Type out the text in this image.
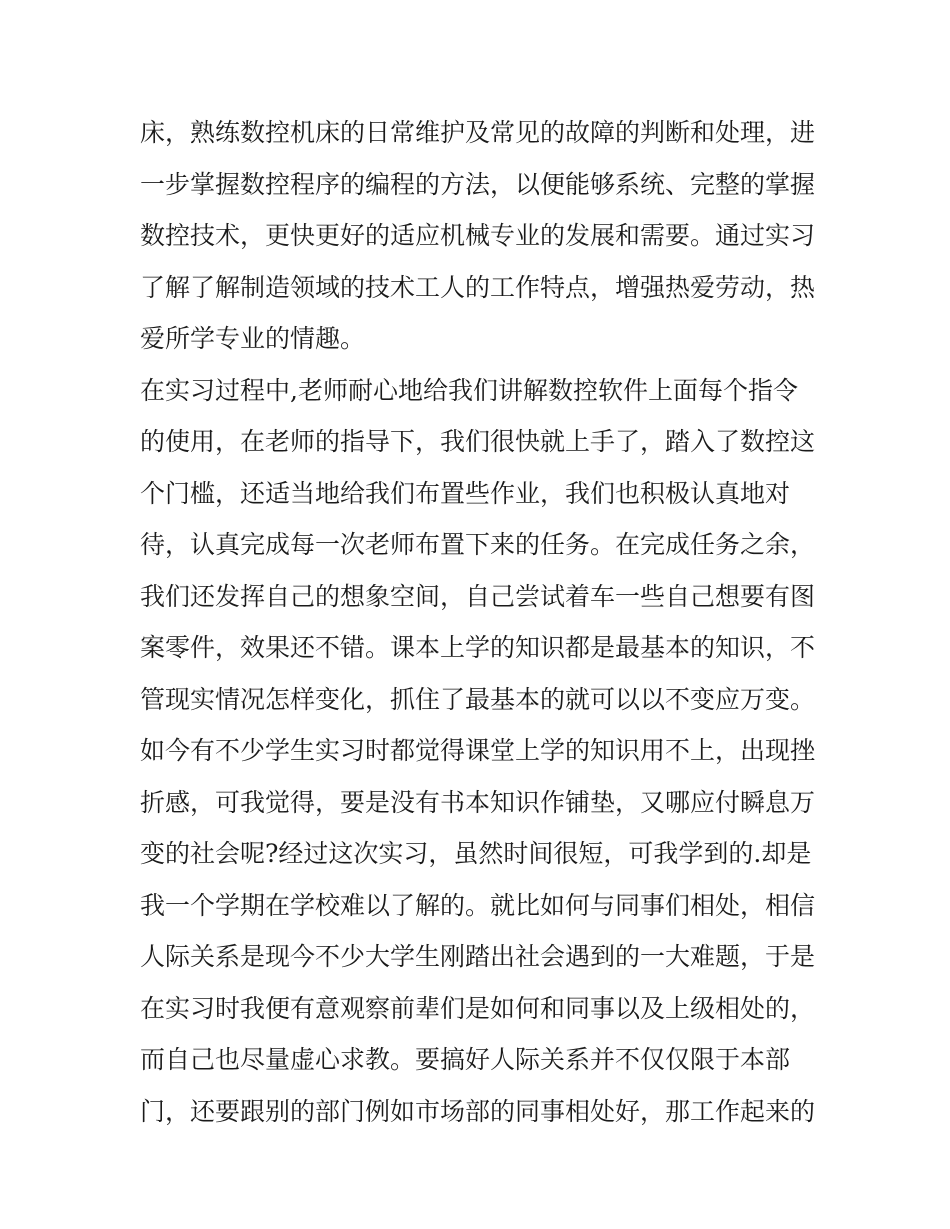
床，熟练数控机床的日常维护及常见的故障的判断和处理，进
一步掌握数控程序的编程的方法，以便能够系统、完整的掌握
数控技术，更快更好的适应机械专业的发展和需要。通过实习
了解了解制造领域的技术工人的工作特点，增强热爱劳动，热
爱所学专业的情趣。
在实习过程中,老师耐心地给我们讲解数控软件上面每个指令
的使用，在老师的指导下，我们很快就上手了，踏入了数控这
个门槛，还适当地给我们布置些作业，我们也积极认真地对
待，认真完成每一次老师布置下来的任务。在完成任务之余，
我们还发挥自己的想象空间，自己尝试着车一些自己想要有图
案零件，效果还不错。课本上学的知识都是最基本的知识，不
管现实情况怎样变化，抓住了最基本的就可以以不变应万变。
如今有不少学生实习时都觉得课堂上学的知识用不上，出现挫
折感，可我觉得，要是没有书本知识作铺垫，又哪应付瞬息万
变的社会呢?经过这次实习，虽然时间很短，可我学到的.却是
我一个学期在学校难以了解的。就比如何与同事们相处，相信
人际关系是现今不少大学生刚踏出社会遇到的一大难题，于是
在实习时我便有意观察前辈们是如何和同事以及上级相处的，
而自己也尽量虚心求教。要搞好人际关系并不仅仅限于本部
门，还要跟别的部门例如市场部的同事相处好，那工作起来的
